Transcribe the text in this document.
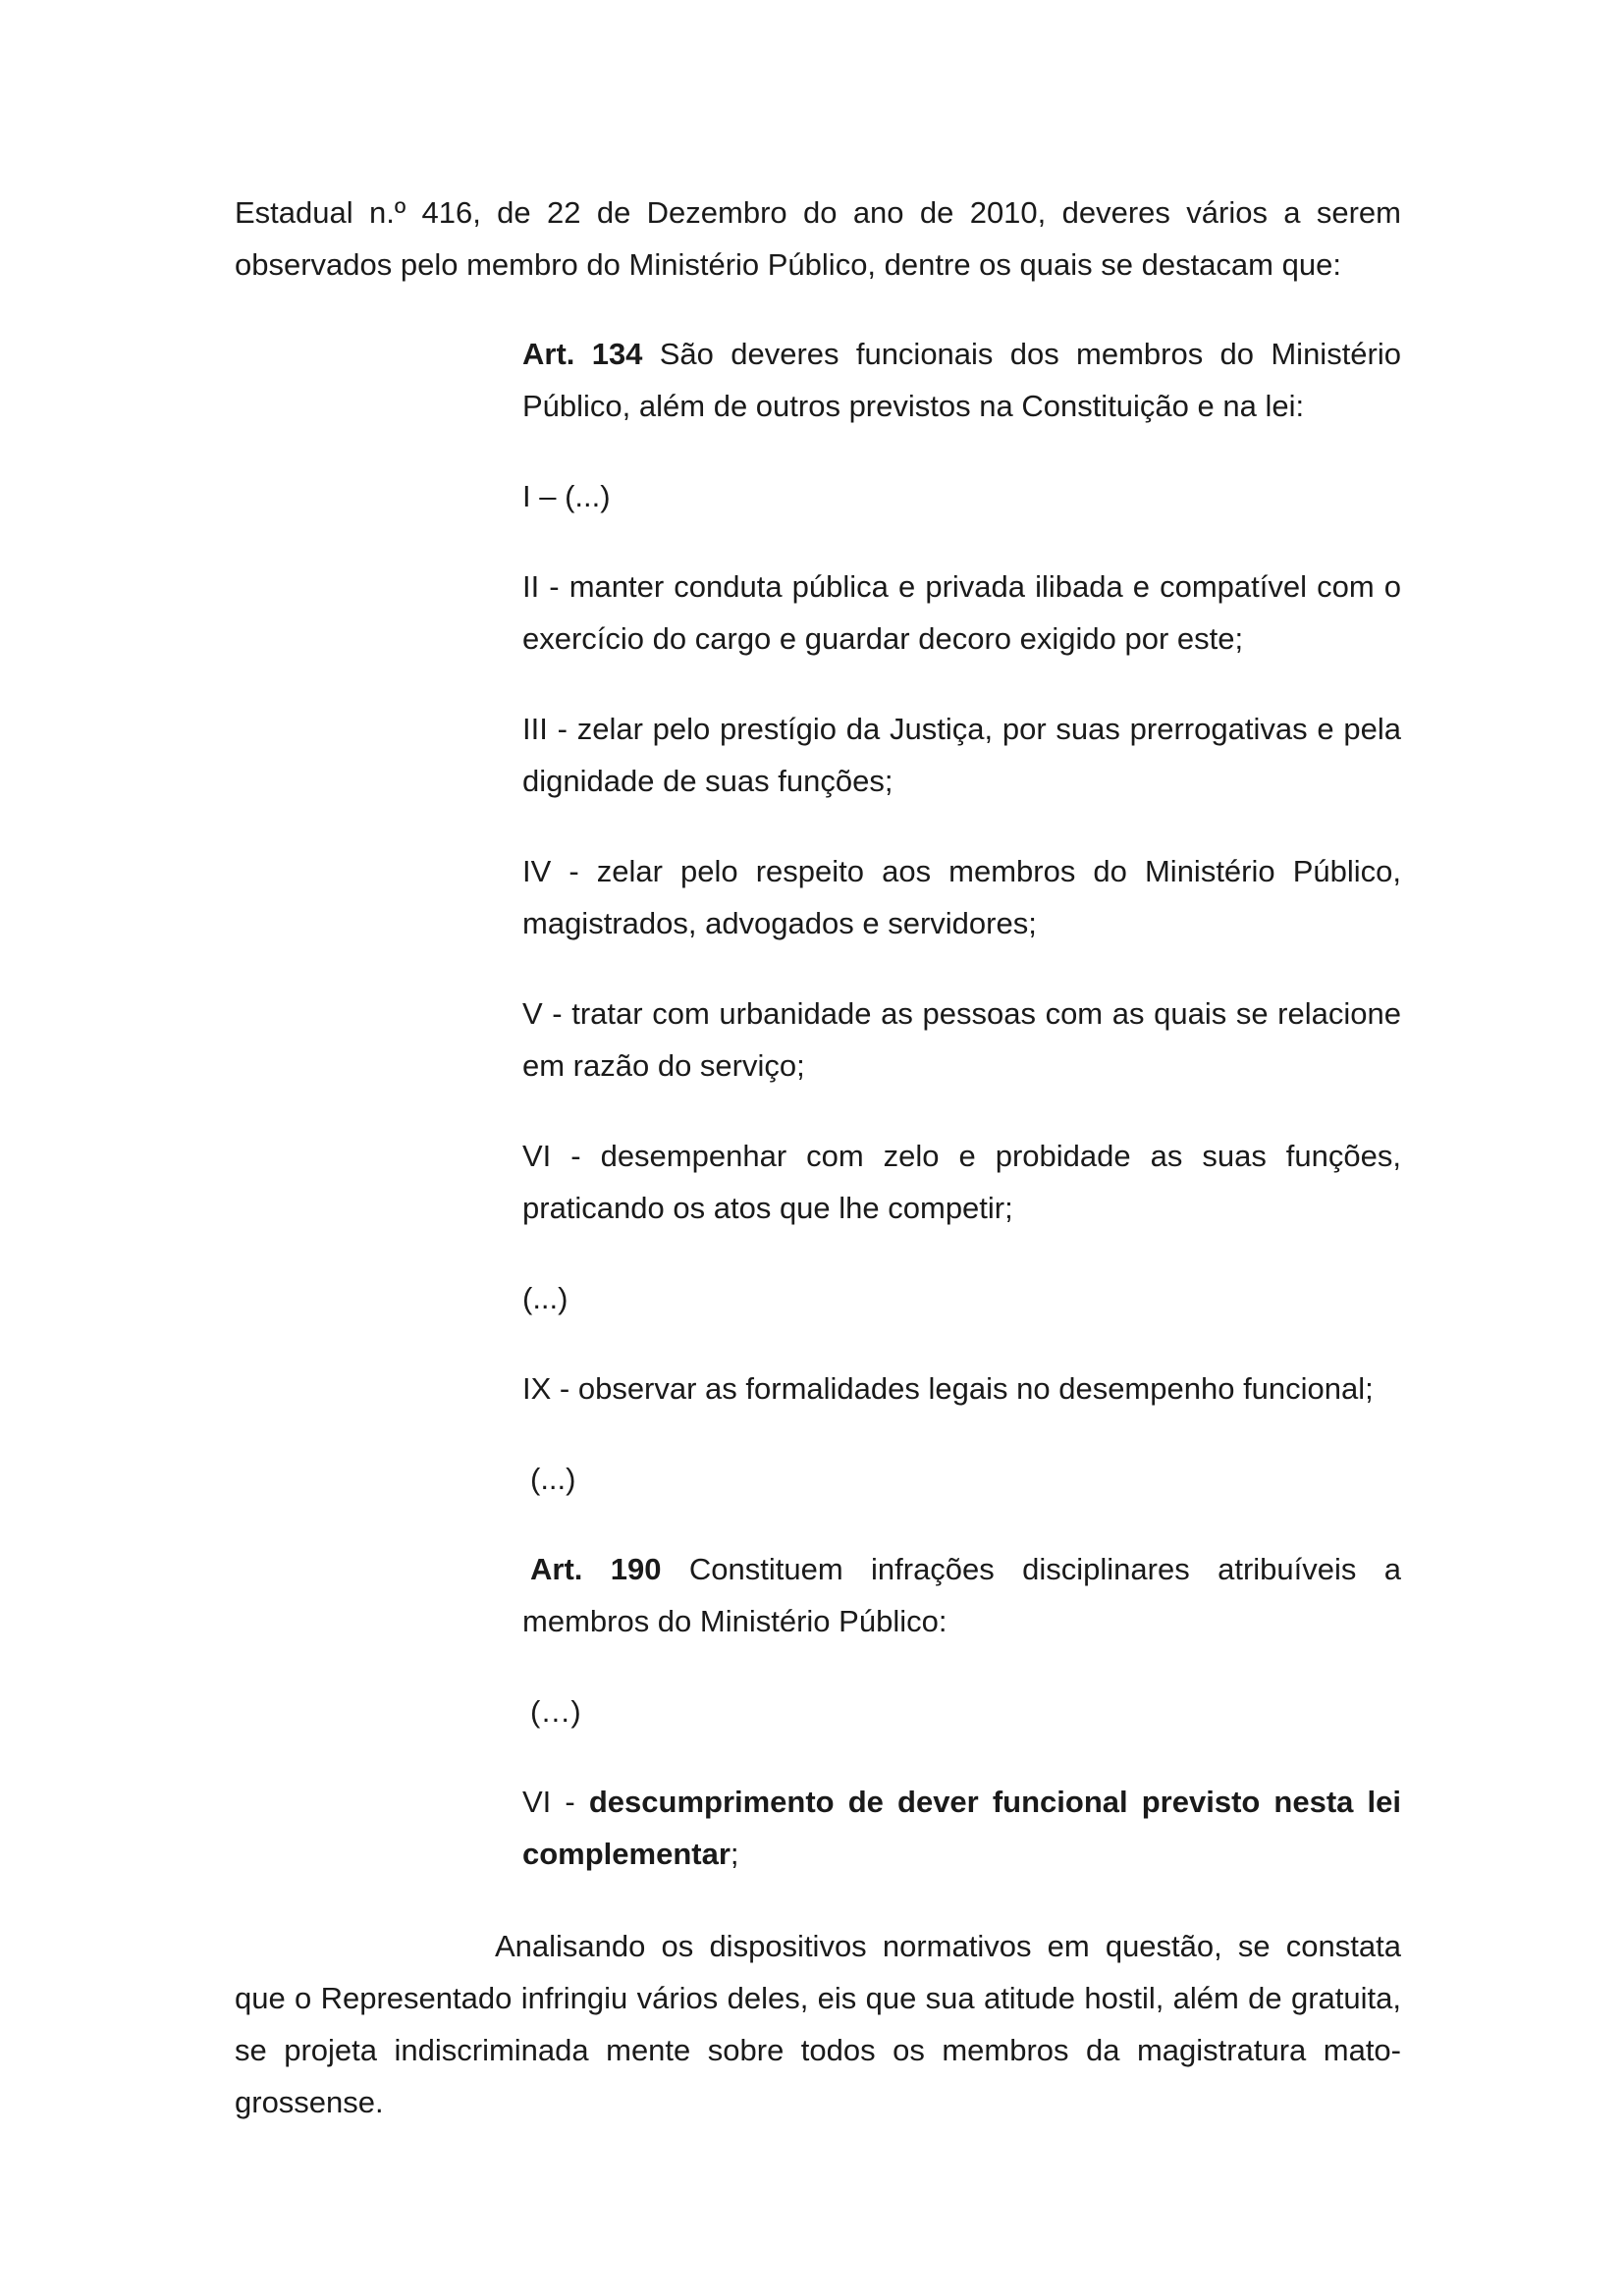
Estadual n.º 416, de 22 de Dezembro do ano de 2010, deveres vários a serem observados pelo membro do Ministério Público, dentre os quais se destacam que:

Art. 134 São deveres funcionais dos membros do Ministério Público, além de outros previstos na Constituição e na lei:

I – (...)

II - manter conduta pública e privada ilibada e compatível com o exercício do cargo e guardar decoro exigido por este;

III - zelar pelo prestígio da Justiça, por suas prerrogativas e pela dignidade de suas funções;

IV - zelar pelo respeito aos membros do Ministério Público, magistrados, advogados e servidores;

V - tratar com urbanidade as pessoas com as quais se relacione em razão do serviço;

VI - desempenhar com zelo e probidade as suas funções, praticando os atos que lhe competir;

(...)

IX - observar as formalidades legais no desempenho funcional;

(...)

Art. 190 Constituem infrações disciplinares atribuíveis a membros do Ministério Público:

(…)

VI - descumprimento de dever funcional previsto nesta lei complementar;

Analisando os dispositivos normativos em questão, se constata que o Representado infringiu vários deles, eis que sua atitude hostil, além de gratuita, se projeta indiscriminada mente sobre todos os membros da magistratura mato-grossense.
